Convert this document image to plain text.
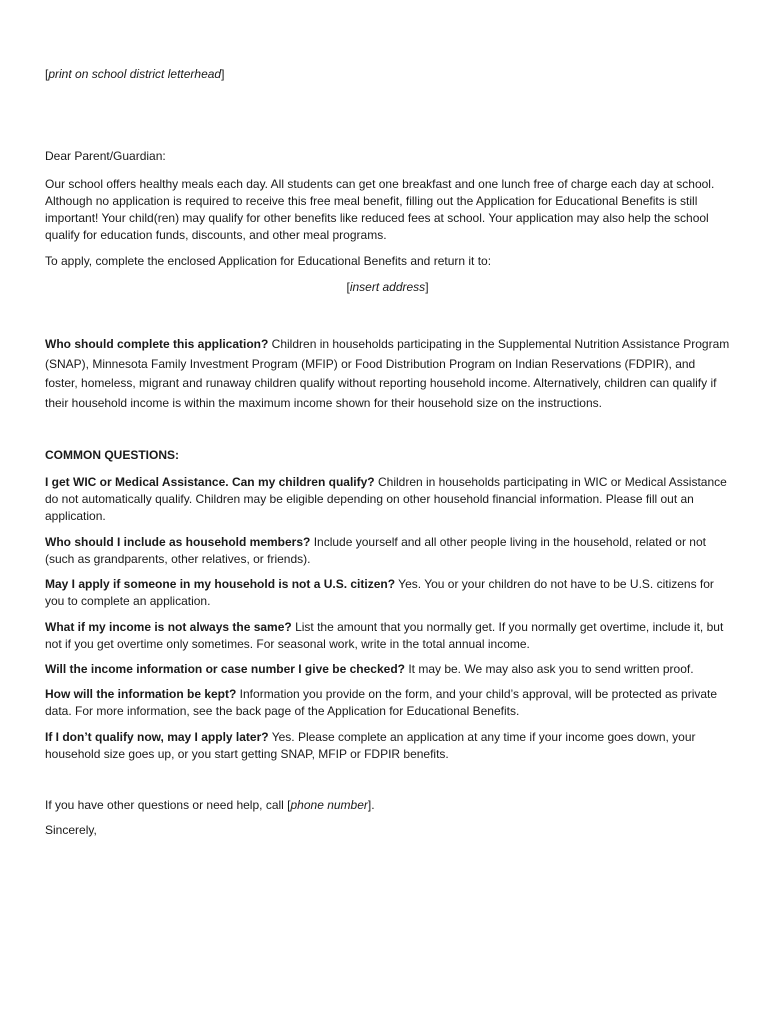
[print on school district letterhead]

Dear Parent/Guardian:

Our school offers healthy meals each day. All students can get one breakfast and one lunch free of charge each day at school. Although no application is required to receive this free meal benefit, filling out the Application for Educational Benefits is still important! Your child(ren) may qualify for other benefits like reduced fees at school. Your application may also help the school qualify for education funds, discounts, and other meal programs.

To apply, complete the enclosed Application for Educational Benefits and return it to:

[insert address]

Who should complete this application? Children in households participating in the Supplemental Nutrition Assistance Program (SNAP), Minnesota Family Investment Program (MFIP) or Food Distribution Program on Indian Reservations (FDPIR), and foster, homeless, migrant and runaway children qualify without reporting household income. Alternatively, children can qualify if their household income is within the maximum income shown for their household size on the instructions.

COMMON QUESTIONS:

I get WIC or Medical Assistance. Can my children qualify? Children in households participating in WIC or Medical Assistance do not automatically qualify. Children may be eligible depending on other household financial information. Please fill out an application.

Who should I include as household members? Include yourself and all other people living in the household, related or not (such as grandparents, other relatives, or friends).

May I apply if someone in my household is not a U.S. citizen? Yes. You or your children do not have to be U.S. citizens for you to complete an application.

What if my income is not always the same? List the amount that you normally get. If you normally get overtime, include it, but not if you get overtime only sometimes. For seasonal work, write in the total annual income.

Will the income information or case number I give be checked? It may be. We may also ask you to send written proof.

How will the information be kept? Information you provide on the form, and your child’s approval, will be protected as private data. For more information, see the back page of the Application for Educational Benefits.

If I don’t qualify now, may I apply later? Yes. Please complete an application at any time if your income goes down, your household size goes up, or you start getting SNAP, MFIP or FDPIR benefits.

If you have other questions or need help, call [phone number].

Sincerely,
